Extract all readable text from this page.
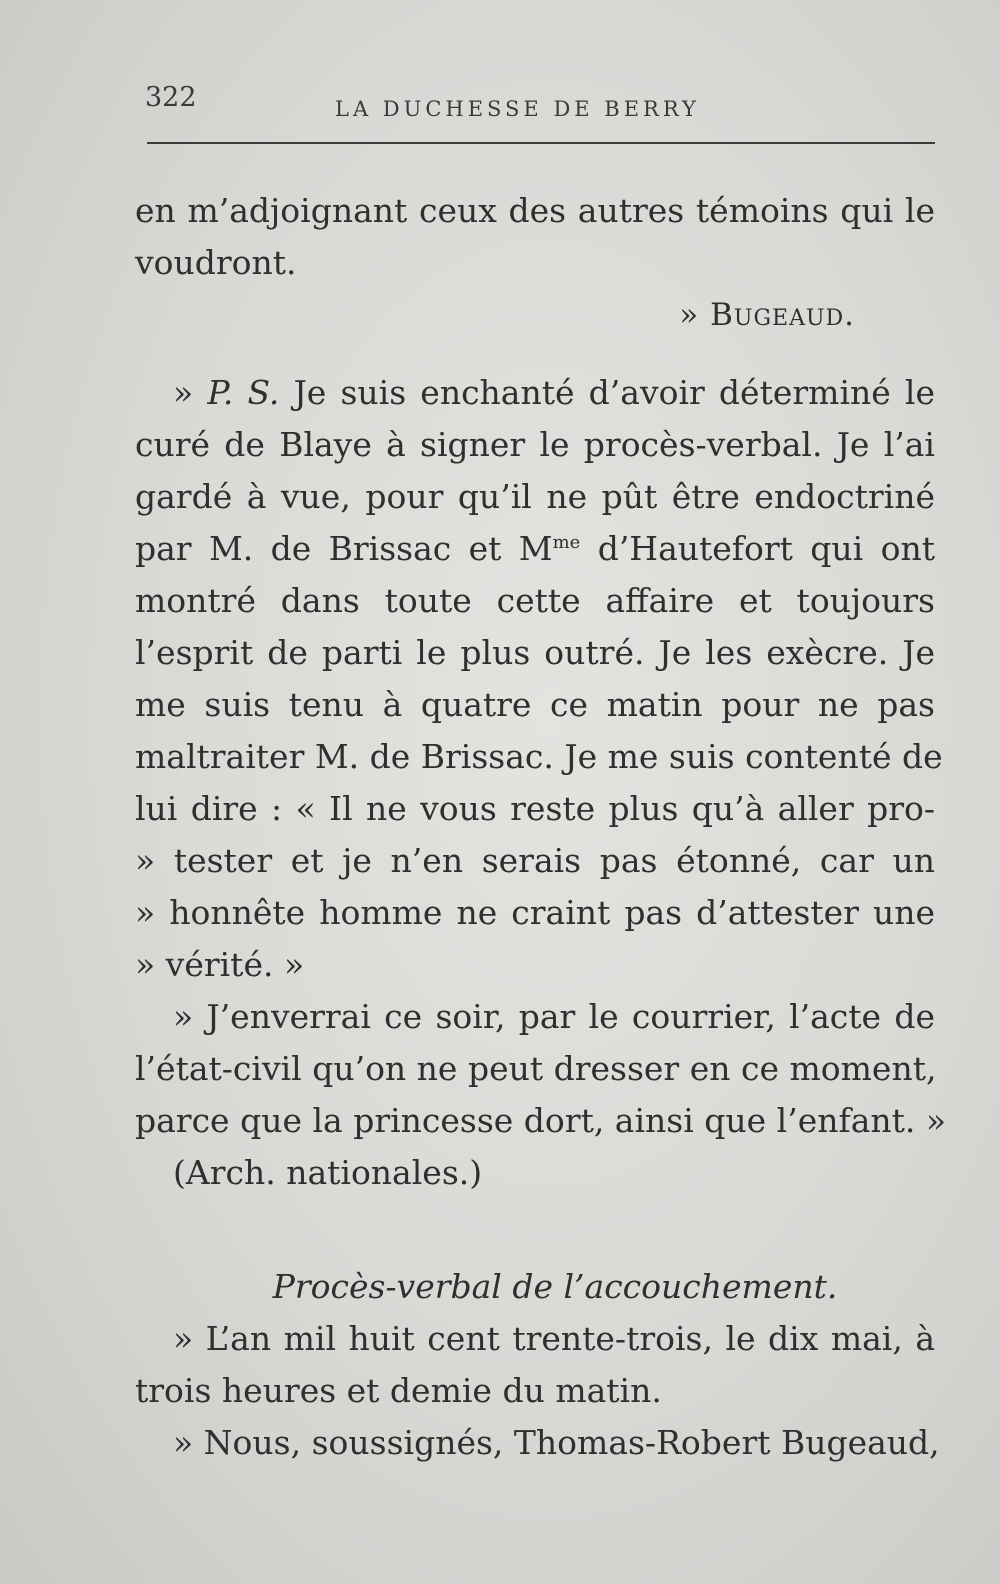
322	LA DUCHESSE DE BERRY
en m’adjoignant ceux des autres témoins qui le
voudront.
» Bugeaud.
» P. S. Je suis enchanté d’avoir déterminé le
curé de Blaye à signer le procès-verbal. Je l’ai
gardé à vue, pour qu’il ne pût être endoctriné
par M. de Brissac et $M^{me}$ d’Hautefort qui ont
montré dans toute cette affaire et toujours
l’esprit de parti le plus outré. Je les exècre. Je
me suis tenu à quatre ce matin pour ne pas
maltraiter M. de Brissac. Je me suis contenté de
lui dire : « Il ne vous reste plus qu’à aller pro-
» tester et je n’en serais pas étonné, car un
» honnête homme ne craint pas d’attester une
» vérité. »
» J’enverrai ce soir, par le courrier, l’acte de
l’état-civil qu’on ne peut dresser en ce moment,
parce que la princesse dort, ainsi que l’enfant. »
(Arch. nationales.)
Procès-verbal de l’accouchement.
» L’an mil huit cent trente-trois, le dix mai, à
trois heures et demie du matin.
» Nous, soussignés, Thomas-Robert Bugeaud,
